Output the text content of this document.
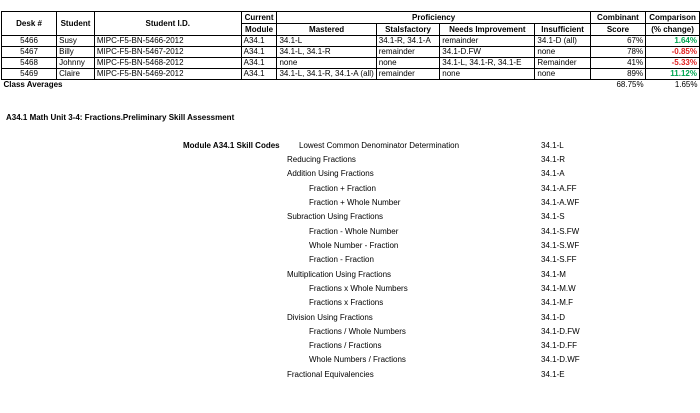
Desk #	Student	Student I.D.	Current	Proficiency				Combinant	Comparison
			Module	Mastered	Stalsfactory	Needs Improvement	Insufficient	Score	(% change)
5466	Susy	MIPC-F5-BN-5466-2012	A34.1	34.1-L	34.1-R, 34.1-A	remainder	34.1-D (all)	67%	1.64%
5467	Billy	MIPC-F5-BN-5467-2012	A34.1	34.1-L, 34.1-R	remainder	34.1-D.FW	none	78%	-0.85%
5468	Johnny	MIPC-F5-BN-5468-2012	A34.1	none	none	34.1-L, 34.1-R, 34.1-E	Remainder	41%	-5.33%
5469	Claire	MIPC-F5-BN-5469-2012	A34.1	34.1-L, 34.1-R, 34.1-A (all)	remainder	none	none	89%	11.12%
Class Averages								68.75%	1.65%
A34.1 Math Unit 3-4: Fractions.Preliminary Skill Assessment
Module A34.1 Skill Codes Lowest Common Denominator Determination	34.1-L
Reducing Fractions	34.1-R
Addition Using Fractions	34.1-A
Fraction + Fraction	34.1-A.FF
Fraction + Whole Number	34.1-A.WF
Subraction Using Fractions	34.1-S
Fraction - Whole Number	34.1-S.FW
Whole Number - Fraction	34.1-S.WF
Fraction - Fraction	34.1-S.FF
Multiplication Using Fractions	34.1-M
Fractions x Whole Numbers	34.1-M.W
Fractions x Fractions	34.1-M.F
Division Using Fractions	34.1-D
Fractions / Whole Numbers	34.1-D.FW
Fractions / Fractions	34.1-D.FF
Whole Numbers / Fractions	34.1-D.WF
Fractional Equivalencies	34.1-E
